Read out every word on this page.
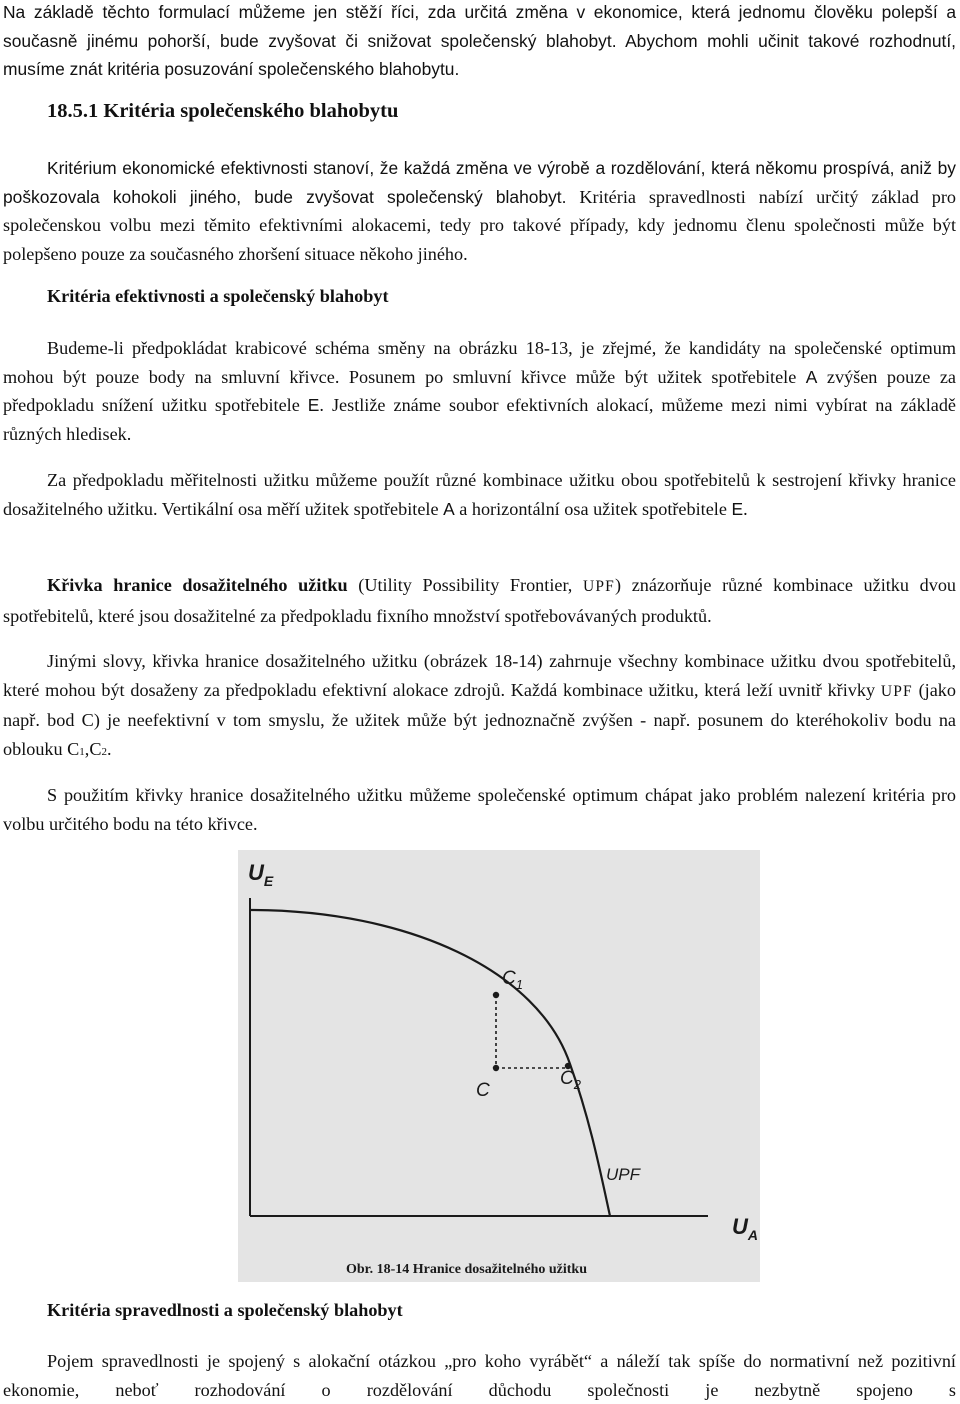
Na základě těchto formulací můžeme jen stěží říci, zda určitá změna v ekonomice, která jednomu člověku polepší a současně jinému pohorší, bude zvyšovat či snižovat společenský blahobyt. Abychom mohli učinit takové rozhodnutí, musíme znát kritéria posuzování společenského blahobytu.

18.5.1 Kritéria společenského blahobytu

Kritérium ekonomické efektivnosti stanoví, že každá změna ve výrobě a rozdělování, která někomu prospívá, aniž by poškozovala kohokoli jiného, bude zvyšovat společenský blahobyt. Kritéria spravedlnosti nabízí určitý základ pro společenskou volbu mezi těmito efektivními alokacemi, tedy pro takové případy, kdy jednomu členu společnosti může být polepšeno pouze za současného zhoršení situace někoho jiného.

Kritéria efektivnosti a společenský blahobyt

Budeme-li předpokládat krabicové schéma směny na obrázku 18-13, je zřejmé, že kandidáty na společenské optimum mohou být pouze body na smluvní křivce. Posunem po smluvní křivce může být užitek spotřebitele A zvýšen pouze za předpokladu snížení užitku spotřebitele E. Jestliže známe soubor efektivních alokací, můžeme mezi nimi vybírat na základě různých hledisek.

Za předpokladu měřitelnosti užitku můžeme použít různé kombinace užitku obou spotřebitelů k sestrojení křivky hranice dosažitelného užitku. Vertikální osa měří užitek spotřebitele A a horizontální osa užitek spotřebitele E.

Křivka hranice dosažitelného užitku (Utility Possibility Frontier, UPF) znázorňuje různé kombinace užitku dvou spotřebitelů, které jsou dosažitelné za předpokladu fixního množství spotřebovávaných produktů.

Jinými slovy, křivka hranice dosažitelného užitku (obrázek 18-14) zahrnuje všechny kombinace užitku dvou spotřebitelů, které mohou být dosaženy za předpokladu efektivní alokace zdrojů. Každá kombinace užitku, která leží uvnitř křivky UPF (jako např. bod C) je neefektivní v tom smyslu, že užitek může být jednoznačně zvýšen - např. posunem do kteréhokoliv bodu na oblouku C1,C2.

S použitím křivky hranice dosažitelného užitku můžeme společenské optimum chápat jako problém nalezení kritéria pro volbu určitého bodu na této křivce.

$U_E$
$U_A$
$C_1$
$C_2$
C
UPF
Obr. 18-14 Hranice dosažitelného užitku
Kritéria spravedlnosti a společenský blahobyt

Pojem spravedlnosti je spojený s alokační otázkou „pro koho vyrábět“ a náleží tak spíše do normativní než pozitivní ekonomie, neboť rozhodování o rozdělování důchodu společnosti je nezbytně spojeno s
